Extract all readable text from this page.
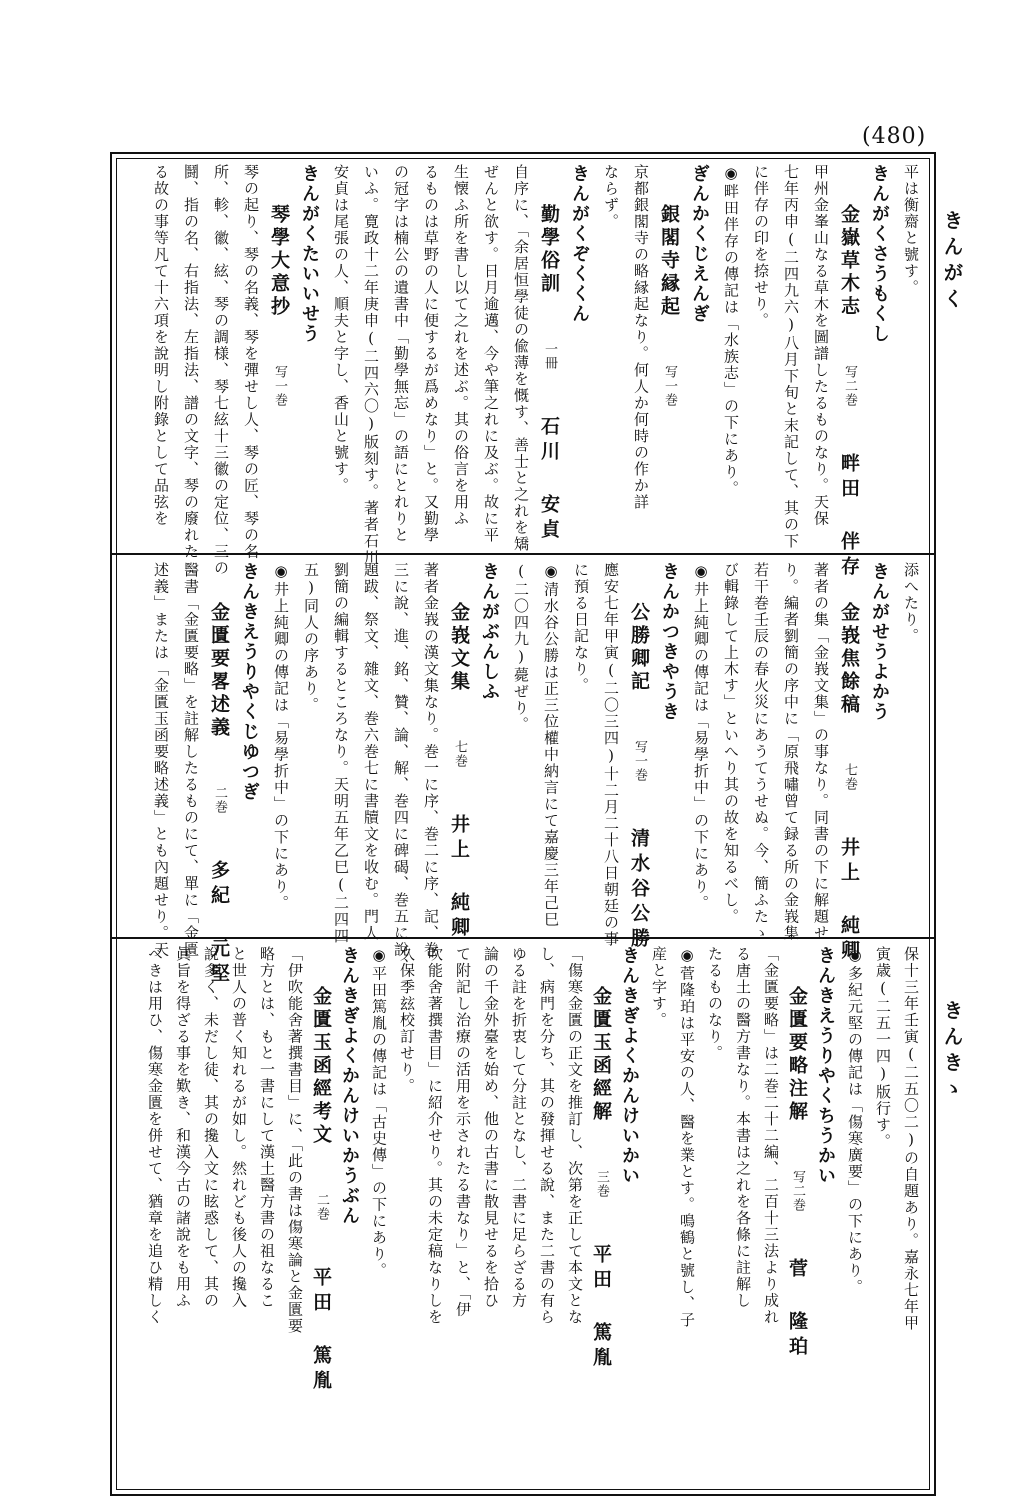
(480)
きんがく
きんきゝ
平は衡齋と號す。
きんがくさうもくし
金嶽草木志　　写二巻　　畔田 伴存
甲州金峯山なる草木を圖譜したるものなり。天保
七年丙申(二四九六)八月下旬と末記して、其の下
に伴存の印を捺せり。
◉畔田伴存の傳記は「水族志」の下にあり。
ぎんかくじえんぎ
銀閣寺縁起　　写一巻　　
京都銀閣寺の略縁起なり。何人か何時の作か詳
ならず。
きんがくぞくくん
勤學俗訓　　一冊　　石川 安貞
自序に、「余居恒學徒の偸薄を慨す、善士と之れを矯
ぜんと欲す。日月逾邁、今や筆之れに及ぶ。故に平
生懐ふ所を書し以て之れを述ぶ。其の俗言を用ふ
るものは草野の人に便するが爲めなり」と。又勤學
の冠字は楠公の遺書中「勤學無忘」の語にとれりと
いふ。寛政十二年庚申(二四六〇)版刻す。著者石川
安貞は尾張の人、順夫と字し、香山と號す。
きんがくたいいせう
琴學大意抄　　写一巻　　
琴の起り、琴の名義、琴を彈せし人、琴の匠、琴の名
所、軫、徽、絃、琴の調様、琴七絃十三徽の定位、三の
鬪、指の名、右指法、左指法、譜の文字、琴の廢れた
る故の事等凡て十六項を說明し附錄として品弦を
添へたり。
きんがせうよかう
金峩焦餘稿　　七巻　　井上 純卿
著者の集「金峩文集」の事なり。同書の下に解題せ
り。編者劉簡の序中に「原飛嘯曾て録る所の金峩集
若干巻壬辰の春火災にあうてうせぬ。今、簡ふたゝ
び輯錄して上木す」といへり其の故を知るべし。
◉井上純卿の傳記は「易學折中」の下にあり。
きんかつきやうき
公勝卿記　　写一巻　　清水谷公勝
應安七年甲寅(二〇三四)十二月二十八日朝廷の事
に預る日記なり。
◉清水谷公勝は正三位權中納言にて嘉慶三年己巳
(二〇四九)薨ぜり。
きんがぶんしふ
金峩文集　　七巻　　井上 純卿
著者金峩の漢文集なり。巻一に序、巻二に序、記、巻
三に說、進、銘、贊、論、解、巻四に碑碣、巻五に說、
題跋、祭文、雜文、巻六巻七に書牘文を收む。門人
劉簡の編輯するところなり。天明五年乙巳(二四四
五)同人の序あり。
◉井上純卿の傳記は「易學折中」の下にあり。
きんきえうりやくじゆつぎ
金匱要畧述義　　二巻　　多紀 元堅
醫書「金匱要略」を註解したるものにて、單に「金匱
述義」または「金匱玉函要略述義」とも內題せり。天
保十三年壬寅(二五〇二)の自題あり。嘉永七年甲
寅歳(二五一四)版行す。
◉多紀元堅の傳記は「傷寒廣要」の下にあり。
きんきえうりやくちうかい
金匱要略注解　　写二巻　　菅 隆珀
「金匱要略」は二巻二十二編、二百十三法より成れ
る唐土の醫方書なり。本書は之れを各條に註解し
たるものなり。
◉菅隆珀は平安の人、醫を業とす。鳴鶴と號し、子
産と字す。
きんきぎよくかんけいかい
金匱玉函經解　　三巻　　平田 篤胤
「傷寒金匱の正文を推訂し、次第を正して本文とな
し、病門を分ち、其の發揮せる說、また二書の有ら
ゆる註を折衷して分註となし、二書に足らざる方
論の千金外臺を始め、他の古書に散見せるを拾ひ
て附記し治療の活用を示されたる書なり」と、「伊
吹能舍著撰書目」に紹介せり。其の未定稿なりしを
久保季玆校訂せり。
◉平田篤胤の傳記は「古史傳」の下にあり。
きんきぎよくかんけいかうぶん
金匱玉函經考文　　二巻　　平田 篤胤
「伊吹能舍著撰書目」に、「此の書は傷寒論と金匱要
略方とは、もと一書にして漢土醫方書の祖なるこ
と世人の普く知れるが如し。然れども後人の攙入
說多く、未だし徒、其の攙入文に眩惑して、其の
眞旨を得ざる事を歎き、和漢今古の諸說をも用ふ
べきは用ひ、傷寒金匱を併せて、猶章を追ひ精しく
